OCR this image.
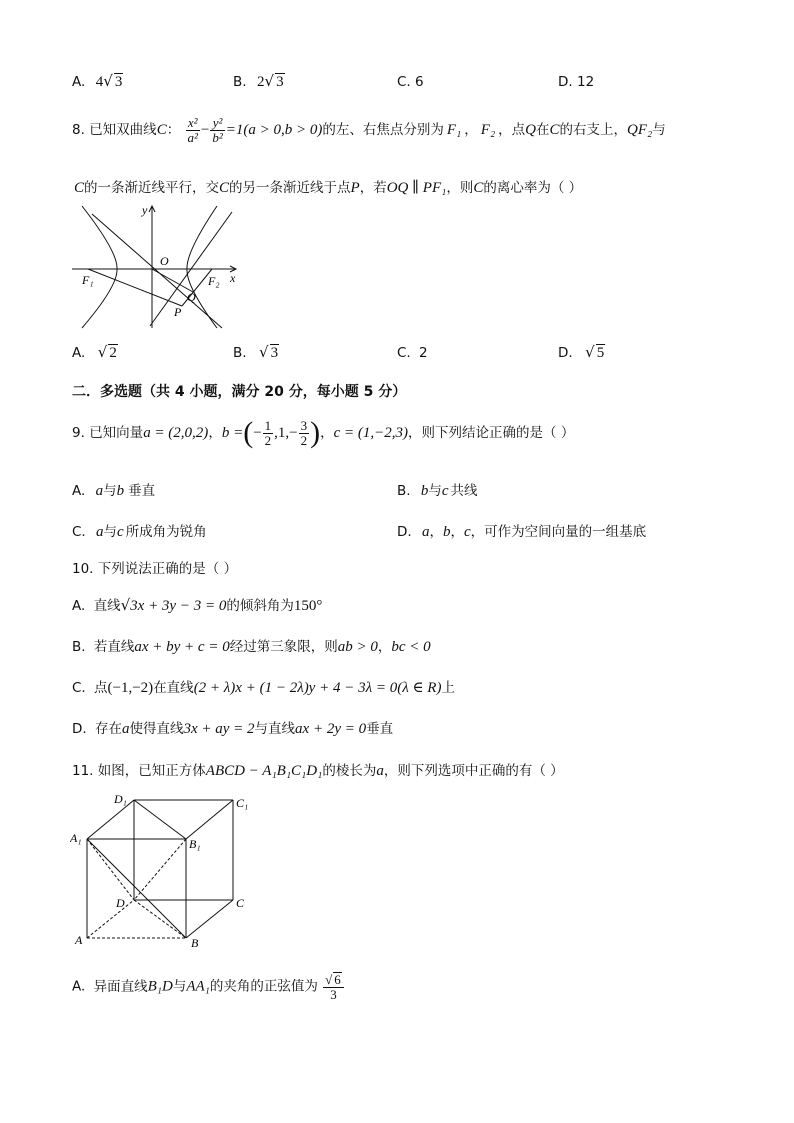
A. 4√ 3	B. 2√ 3	C. 6	D. 12
8. 已知双曲线C： $\frac{\text{x²}}{\text{a²}} - \frac{\text{y²}}{\text{b²}} =1(a > 0,b > 0)$的左、右焦点分别为 F₁ ， F₂ ，点Q在C的右支上，QF₂与
C的一条渐近线平行，交C的另一条渐近线于点P，若OQ ∥ PF₁，则C的离心率为（ ）
y
x
O
F₁	F₂
Q
P
A. √ 2	B. √ 3	C. 2	D. √ 5
二．多选题（共 4 小题，满分 20 分，每小题 5 分）
9. 已知向量a = (2,0,2)，b =(− $\frac{1}{2} ,1,- \frac{3}{2}$ )，c = (1,−2,3)，则下列结论正确的是（ ）
A. a与b 垂直	B. b与c 共线
C. a与c 所成角为锐角	D. a，b，c，可作为空间向量的一组基底
10. 下列说法正确的是（ ）
A. 直线√3x + 3y − 3 = 0的倾斜角为150°
B. 若直线ax + by + c = 0经过第三象限，则ab > 0，bc < 0
C. 点(−1,−2)在直线(2 + λ)x + (1 − 2λ)y + 4 − 3λ = 0(λ ∈ R)上
D. 存在a使得直线3x + ay = 2与直线ax + 2y = 0垂直
11. 如图，已知正方体ABCD − A₁B₁C₁D₁的棱长为a，则下列选项中正确的有（ ）
D₁	C₁
A₁	B₁
D	C
A	B
A. 异面直线B₁D与AA₁的夹角的正弦值为 $\frac{√ 6}{3}$
